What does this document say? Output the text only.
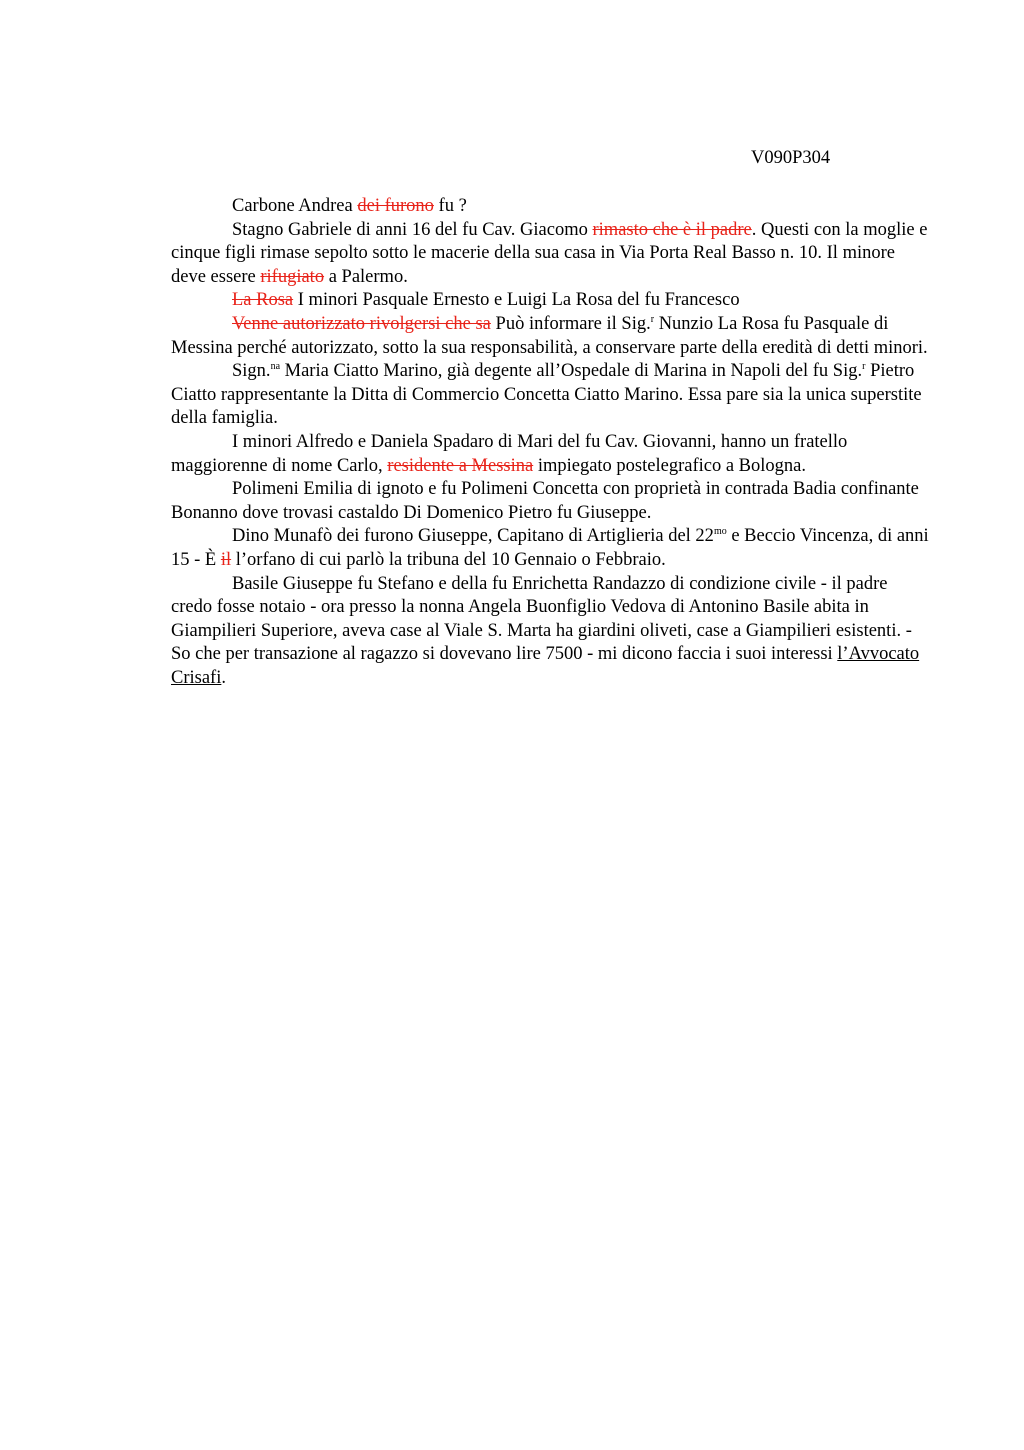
V090P304

Carbone Andrea dei furono fu ?

Stagno Gabriele di anni 16 del fu Cav. Giacomo rimasto che è il padre. Questi con la moglie e cinque figli rimase sepolto sotto le macerie della sua casa in Via Porta Real Basso n. 10. Il minore deve essere rifugiato a Palermo.

La Rosa I minori Pasquale Ernesto e Luigi La Rosa del fu Francesco

Venne autorizzato rivolgersi che sa Può informare il Sig.$^r$ Nunzio La Rosa fu Pasquale di Messina perché autorizzato, sotto la sua responsabilità, a conservare parte della eredità di detti minori.

Sign.$^{na}$ Maria Ciatto Marino, già degente all’Ospedale di Marina in Napoli del fu Sig.$^r$ Pietro Ciatto rappresentante la Ditta di Commercio Concetta Ciatto Marino. Essa pare sia la unica superstite della famiglia.

I minori Alfredo e Daniela Spadaro di Mari del fu Cav. Giovanni, hanno un fratello maggiorenne di nome Carlo, residente a Messina impiegato postelegrafico a Bologna.

Polimeni Emilia di ignoto e fu Polimeni Concetta con proprietà in contrada Badia confinante Bonanno dove trovasi castaldo Di Domenico Pietro fu Giuseppe.

Dino Munafò dei furono Giuseppe, Capitano di Artiglieria del $22^{mo}$ e Beccio Vincenza, di anni 15 - È il l’orfano di cui parlò la tribuna del 10 Gennaio o Febbraio.

Basile Giuseppe fu Stefano e della fu Enrichetta Randazzo di condizione civile - il padre credo fosse notaio - ora presso la nonna Angela Buonfiglio Vedova di Antonino Basile abita in Giampilieri Superiore, aveva case al Viale S. Marta ha giardini oliveti, case a Giampilieri esistenti. - So che per transazione al ragazzo si dovevano lire 7500 - mi dicono faccia i suoi interessi l’Avvocato Crisafi.
